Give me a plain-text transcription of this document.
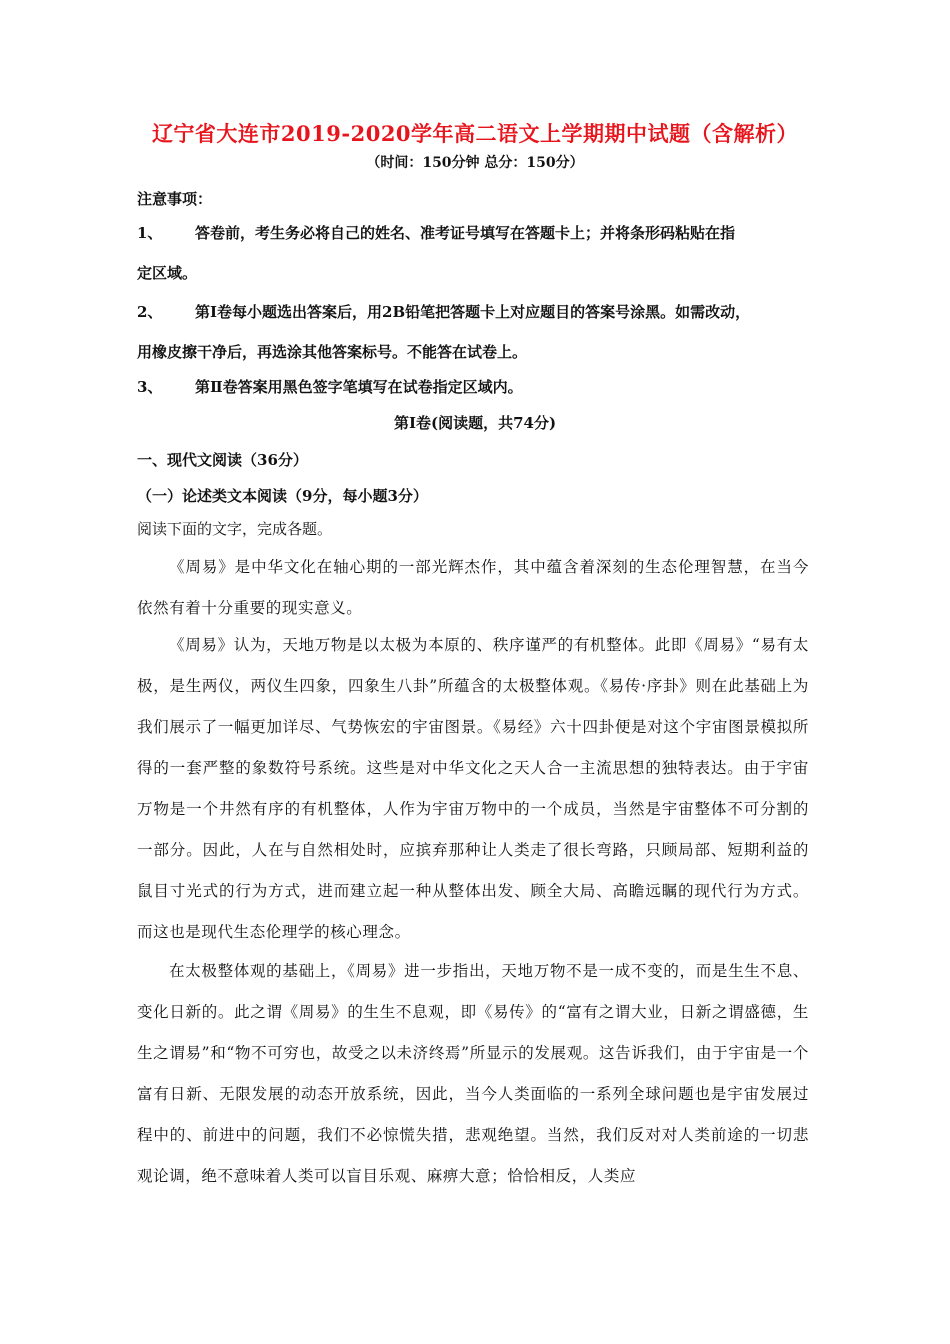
辽宁省大连市2019-2020学年高二语文上学期期中试题（含解析）
（时间：150分钟 总分：150分）
注意事项：
1、 答卷前，考生务必将自己的姓名、准考证号填写在答题卡上；并将条形码粘贴在指
定区域。
2、 第Ⅰ卷每小题选出答案后，用2B铅笔把答题卡上对应题目的答案号涂黑。如需改动，
用橡皮擦干净后，再选涂其他答案标号。不能答在试卷上。
3、 第Ⅱ卷答案用黑色签字笔填写在试卷指定区域内。
第Ⅰ卷(阅读题，共74分)
一、现代文阅读（36分）
（一）论述类文本阅读（9分，每小题3分）
阅读下面的文字，完成各题。

《周易》是中华文化在轴心期的一部光辉杰作，其中蕴含着深刻的生态伦理智慧，在当今依然有着十分重要的现实意义。

《周易》认为，天地万物是以太极为本原的、秩序谨严的有机整体。此即《周易》“易有太极，是生两仪，两仪生四象，四象生八卦”所蕴含的太极整体观。《易传·序卦》则在此基础上为我们展示了一幅更加详尽、气势恢宏的宇宙图景。《易经》六十四卦便是对这个宇宙图景模拟所得的一套严整的象数符号系统。这些是对中华文化之天人合一主流思想的独特表达。由于宇宙万物是一个井然有序的有机整体，人作为宇宙万物中的一个成员，当然是宇宙整体不可分割的一部分。因此，人在与自然相处时，应摈弃那种让人类走了很长弯路，只顾局部、短期利益的鼠目寸光式的行为方式，进而建立起一种从整体出发、顾全大局、高瞻远瞩的现代行为方式。而这也是现代生态伦理学的核心理念。

在太极整体观的基础上，《周易》进一步指出，天地万物不是一成不变的，而是生生不息、变化日新的。此之谓《周易》的生生不息观，即《易传》的“富有之谓大业，日新之谓盛德，生生之谓易”和“物不可穷也，故受之以未济终焉”所显示的发展观。这告诉我们，由于宇宙是一个富有日新、无限发展的动态开放系统，因此，当今人类面临的一系列全球问题也是宇宙发展过程中的、前进中的问题，我们不必惊慌失措，悲观绝望。当然，我们反对对人类前途的一切悲观论调，绝不意味着人类可以盲目乐观、麻痹大意；恰恰相反，人类应
